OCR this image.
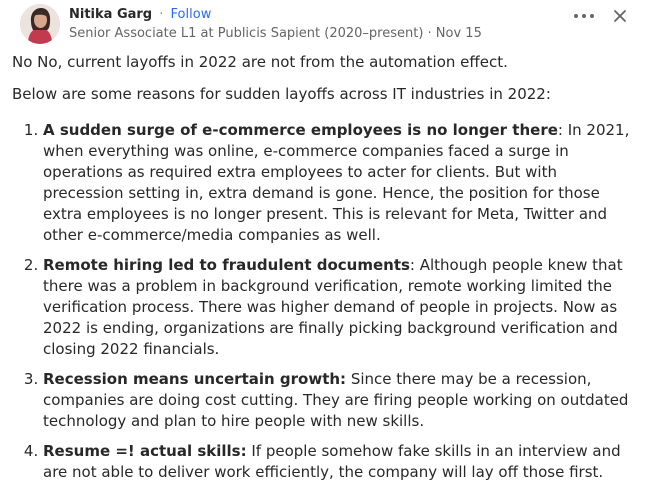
Nitika Garg · Follow
Senior Associate L1 at Publicis Sapient (2020–present) · Nov 15

No No, current layoffs in 2022 are not from the automation effect.

Below are some reasons for sudden layoffs across IT industries in 2022:

1. A sudden surge of e-commerce employees is no longer there: In 2021, when everything was online, e-commerce companies faced a surge in operations as required extra employees to acter for clients. But with precession setting in, extra demand is gone. Hence, the position for those extra employees is no longer present. This is relevant for Meta, Twitter and other e-commerce/media companies as well.
2. Remote hiring led to fraudulent documents: Although people knew that there was a problem in background verification, remote working limited the verification process. There was higher demand of people in projects. Now as 2022 is ending, organizations are finally picking background verification and closing 2022 financials.
3. Recession means uncertain growth: Since there may be a recession, companies are doing cost cutting. They are firing people working on outdated technology and plan to hire people with new skills.
4. Resume =! actual skills: If people somehow fake skills in an interview and are not able to deliver work efficiently, the company will lay off those first.
